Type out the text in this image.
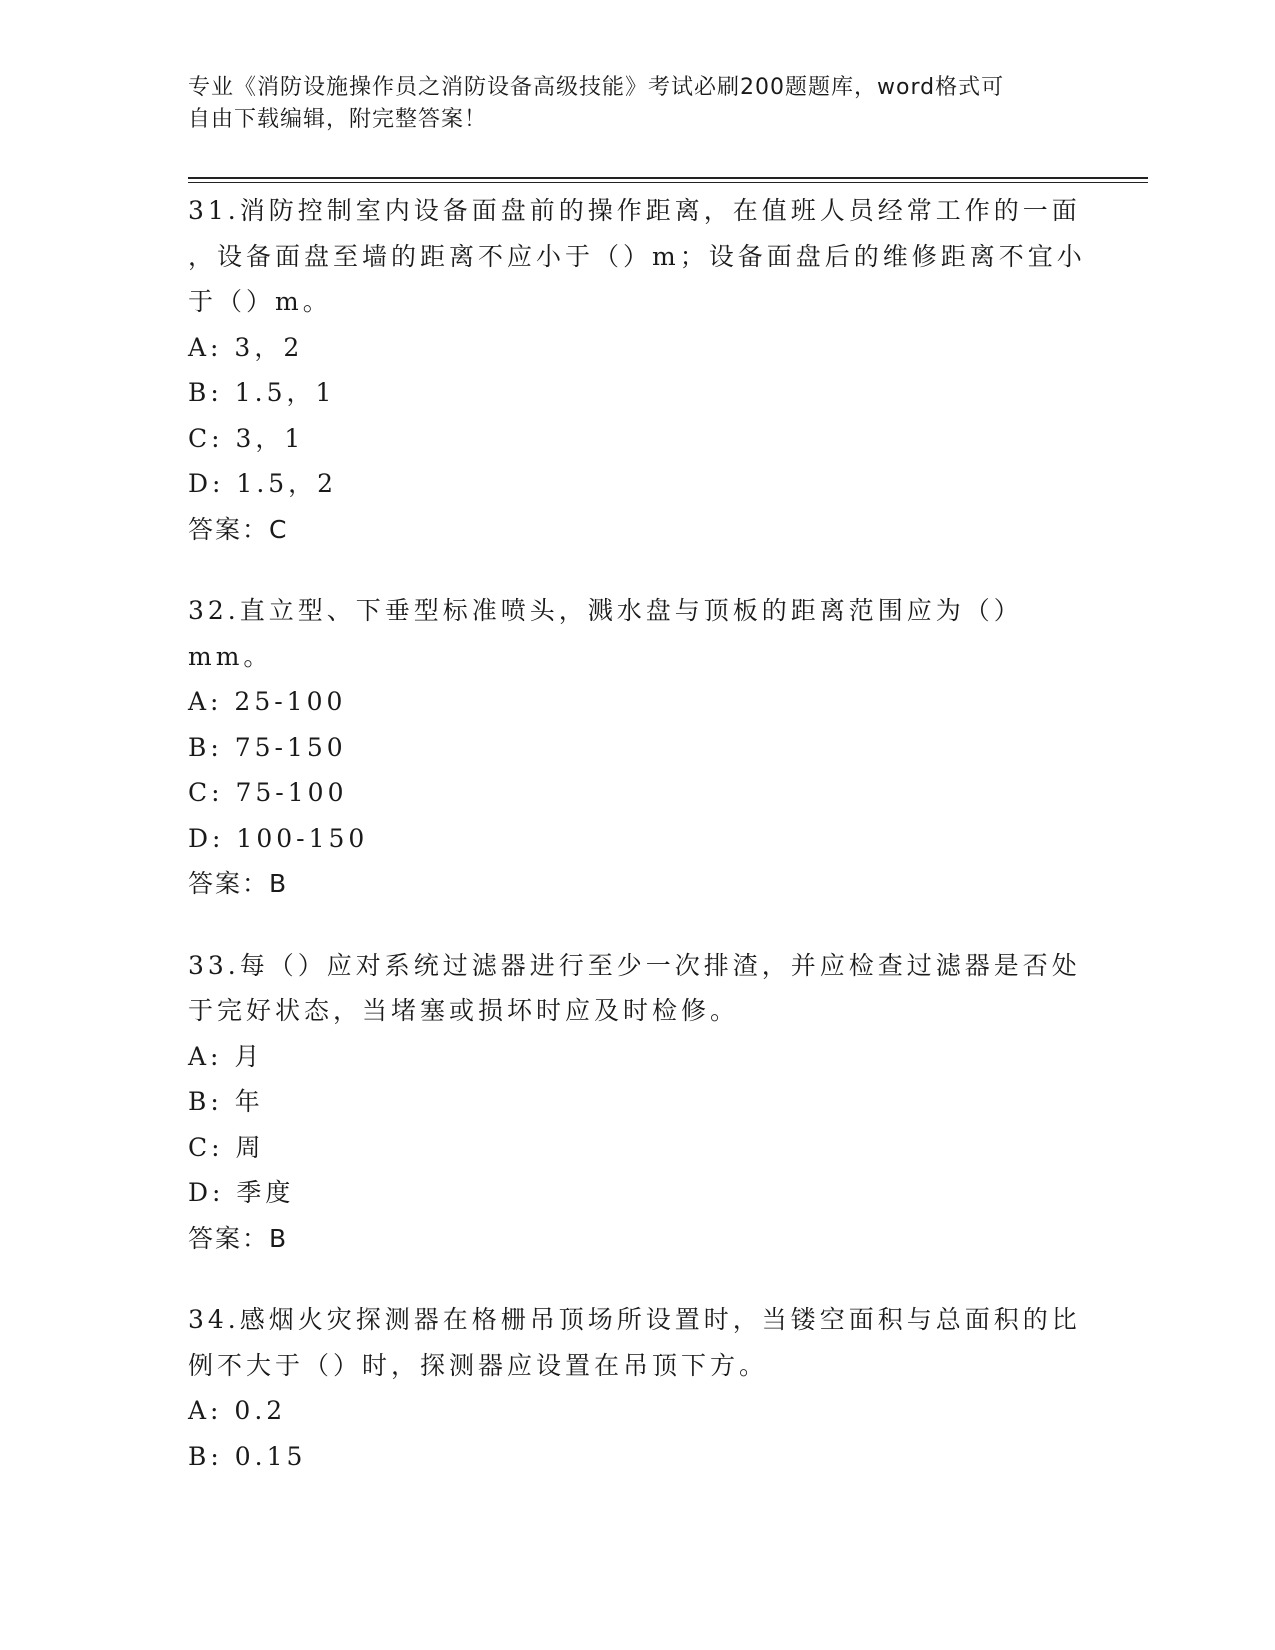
专业《消防设施操作员之消防设备高级技能》考试必刷200题题库，word格式可
自由下载编辑，附完整答案！
31.消防控制室内设备面盘前的操作距离，在值班人员经常工作的一面
，设备面盘至墙的距离不应小于（）m；设备面盘后的维修距离不宜小
于（）m。
A: 3，2
B: 1.5，1
C: 3，1
D: 1.5，2
答案：C
32.直立型、下垂型标准喷头，溅水盘与顶板的距离范围应为（）mm。
A: 25-100
B: 75-150
C: 75-100
D: 100-150
答案：B
33.每（）应对系统过滤器进行至少一次排渣，并应检查过滤器是否处
于完好状态，当堵塞或损坏时应及时检修。
A: 月
B: 年
C: 周
D: 季度
答案：B
34.感烟火灾探测器在格栅吊顶场所设置时，当镂空面积与总面积的比
例不大于（）时，探测器应设置在吊顶下方。
A: 0.2
B: 0.15
